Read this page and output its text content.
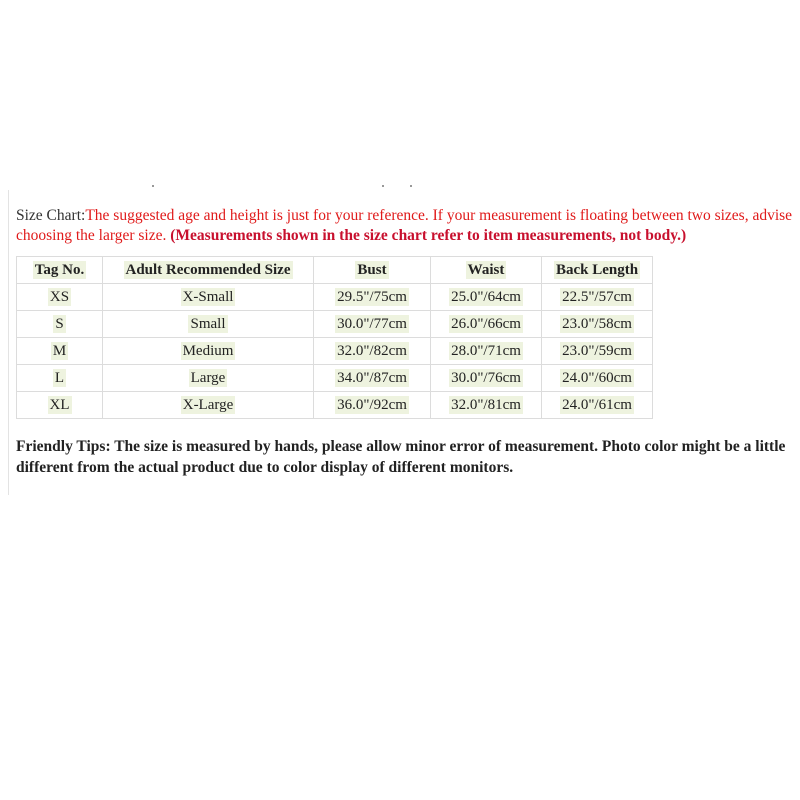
Size Chart:The suggested age and height is just for your reference. If your measurement is floating between two sizes, advise choosing the larger size. (Measurements shown in the size chart refer to item measurements, not body.)
Tag No.	Adult Recommended Size	Bust	Waist	Back Length
XS	X-Small	29.5"/75cm	25.0"/64cm	22.5"/57cm
S	Small	30.0"/77cm	26.0"/66cm	23.0"/58cm
M	Medium	32.0"/82cm	28.0"/71cm	23.0"/59cm
L	Large	34.0"/87cm	30.0"/76cm	24.0"/60cm
XL	X-Large	36.0"/92cm	32.0"/81cm	24.0"/61cm
Friendly Tips: The size is measured by hands, please allow minor error of measurement. Photo color might be a little different from the actual product due to color display of different monitors.
